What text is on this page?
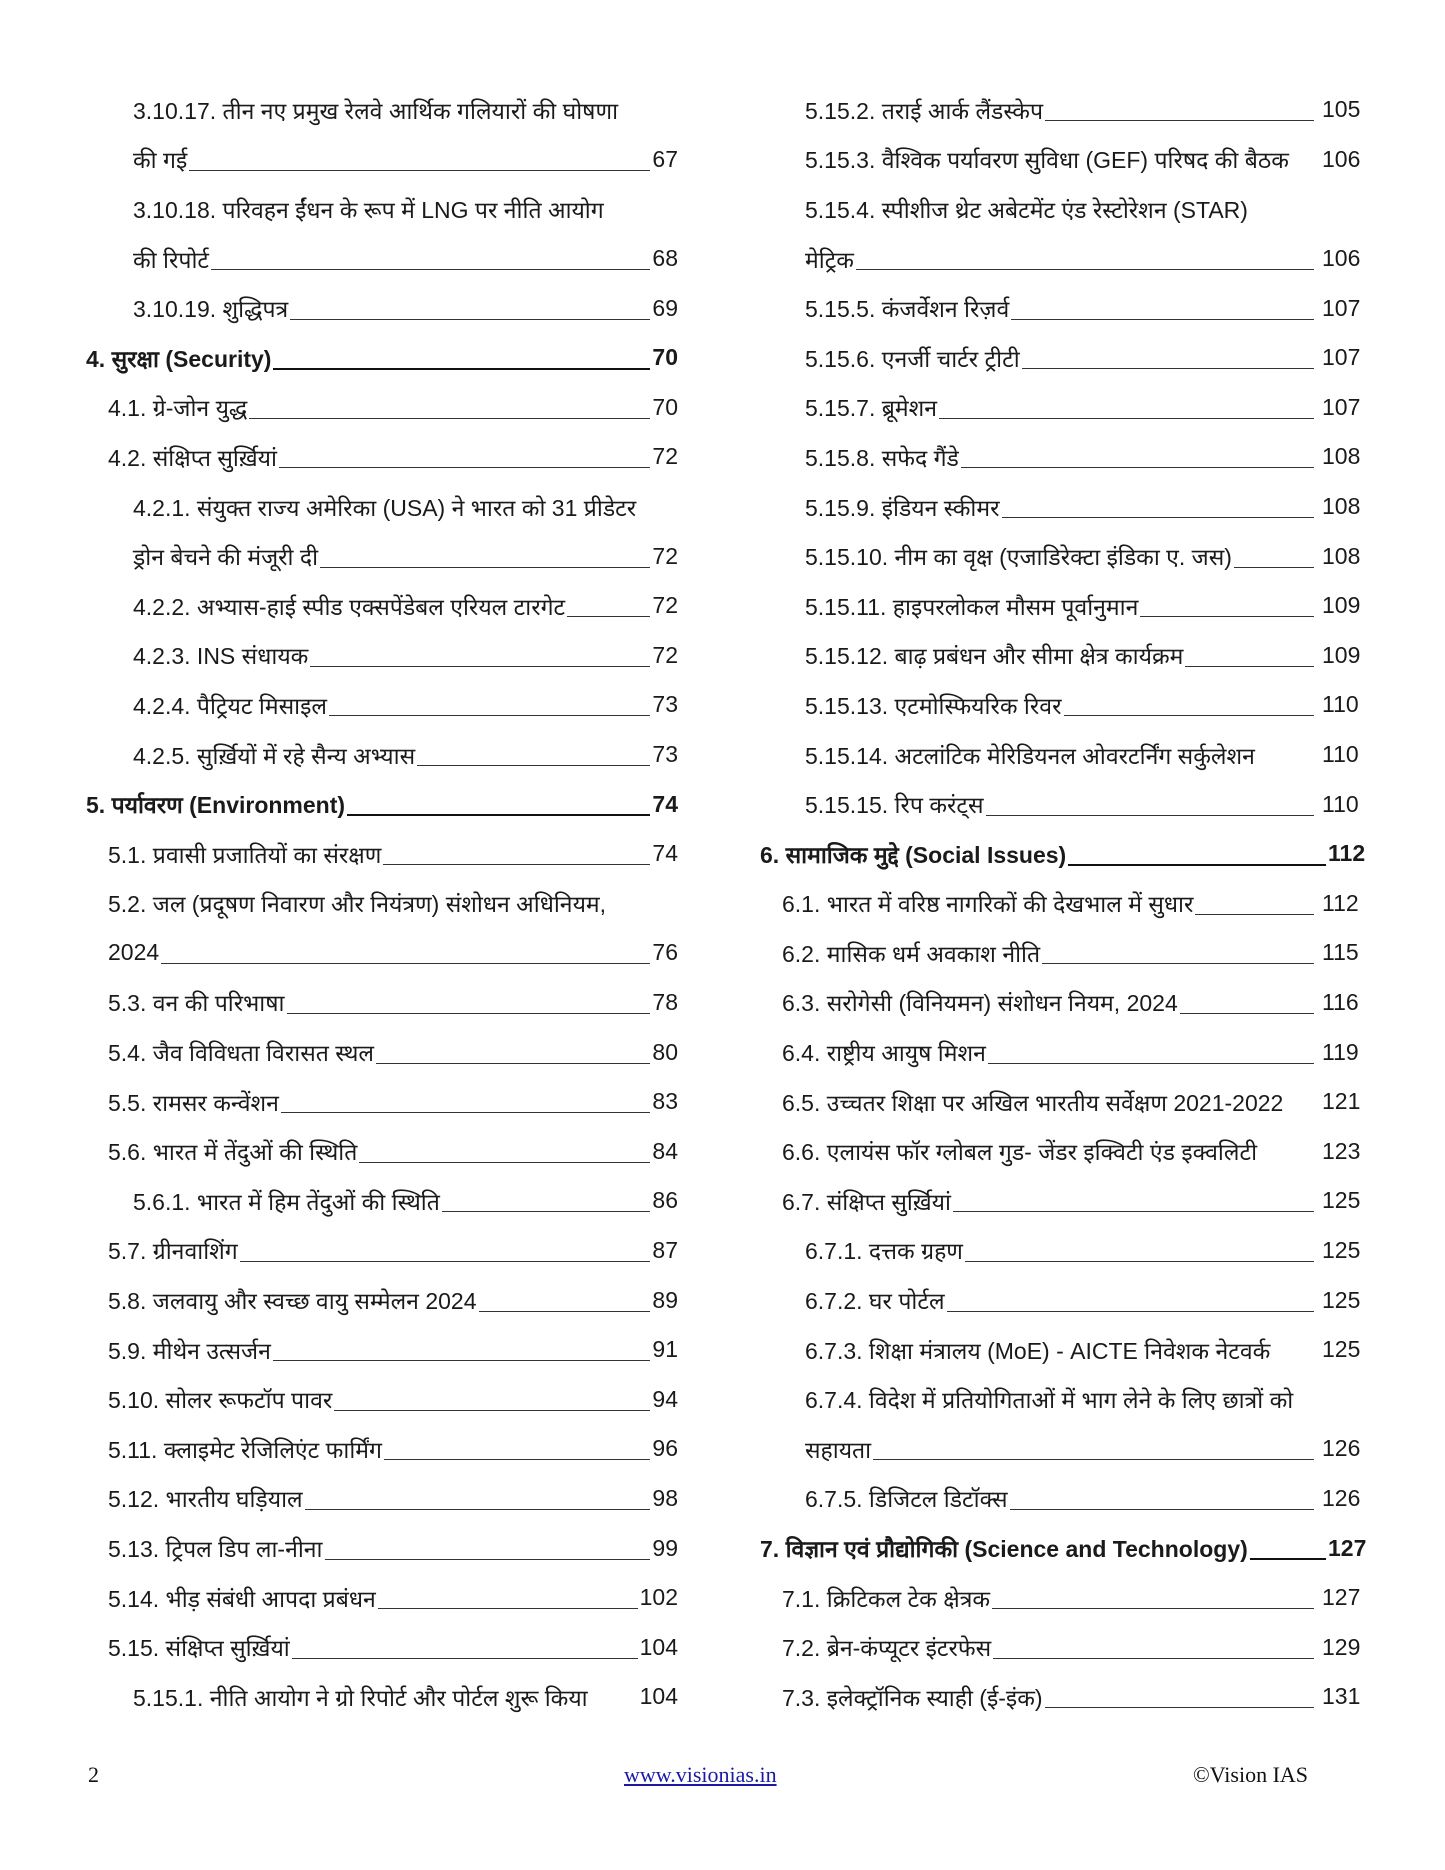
3.10.17. तीन नए प्रमुख रेलवे आर्थिक गलियारों की घोषणा
की गई	67
3.10.18. परिवहन ईंधन के रूप में LNG पर नीति आयोग
की रिपोर्ट	68
3.10.19. शुद्धिपत्र	69
4. सुरक्षा (Security)	70
4.1. ग्रे-जोन युद्ध	70
4.2. संक्षिप्त सुर्ख़ियां	72
4.2.1. संयुक्त राज्य अमेरिका (USA) ने भारत को 31 प्रीडेटर
ड्रोन बेचने की मंजूरी दी	72
4.2.2. अभ्यास-हाई स्पीड एक्सपेंडेबल एरियल टारगेट	72
4.2.3. INS संधायक	72
4.2.4. पैट्रियट मिसाइल	73
4.2.5. सुर्ख़ियों में रहे सैन्य अभ्यास	73
5. पर्यावरण (Environment)	74
5.1. प्रवासी प्रजातियों का संरक्षण	74
5.2. जल (प्रदूषण निवारण और नियंत्रण) संशोधन अधिनियम,
2024	76
5.3. वन की परिभाषा	78
5.4. जैव विविधता विरासत स्थल	80
5.5. रामसर कन्वेंशन	83
5.6. भारत में तेंदुओं की स्थिति	84
5.6.1. भारत में हिम तेंदुओं की स्थिति	86
5.7. ग्रीनवाशिंग	87
5.8. जलवायु और स्वच्छ वायु सम्मेलन 2024	89
5.9. मीथेन उत्सर्जन	91
5.10. सोलर रूफटॉप पावर	94
5.11. क्लाइमेट रेजिलिएंट फार्मिंग	96
5.12. भारतीय घड़ियाल	98
5.13. ट्रिपल डिप ला-नीना	99
5.14. भीड़ संबंधी आपदा प्रबंधन	102
5.15. संक्षिप्त सुर्ख़ियां	104
5.15.1. नीति आयोग ने ग्रो रिपोर्ट और पोर्टल शुरू किया 104
5.15.2. तराई आर्क लैंडस्केप	105
5.15.3. वैश्विक पर्यावरण सुविधा (GEF) परिषद की बैठक 106
5.15.4. स्पीशीज थ्रेट अबेटमेंट एंड रेस्टोरेशन (STAR)
मेट्रिक	106
5.15.5. कंजर्वेशन रिज़र्व	107
5.15.6. एनर्जी चार्टर ट्रीटी	107
5.15.7. ब्रूमेशन	107
5.15.8. सफेद गैंडे	108
5.15.9. इंडियन स्कीमर	108
5.15.10. नीम का वृक्ष (एजाडिरेक्टा इंडिका ए. जस)	108
5.15.11. हाइपरलोकल मौसम पूर्वानुमान	109
5.15.12. बाढ़ प्रबंधन और सीमा क्षेत्र कार्यक्रम	109
5.15.13. एटमोस्फियरिक रिवर	110
5.15.14. अटलांटिक मेरिडियनल ओवरटर्निंग सर्कुलेशन	110
5.15.15. रिप करंट्स	110
6. सामाजिक मुद्दे (Social Issues)	112
6.1. भारत में वरिष्ठ नागरिकों की देखभाल में सुधार	112
6.2. मासिक धर्म अवकाश नीति	115
6.3. सरोगेसी (विनियमन) संशोधन नियम, 2024	116
6.4. राष्ट्रीय आयुष मिशन	119
6.5. उच्चतर शिक्षा पर अखिल भारतीय सर्वेक्षण 2021-2022 121
6.6. एलायंस फॉर ग्लोबल गुड- जेंडर इक्विटी एंड इक्वलिटी	123
6.7. संक्षिप्त सुर्ख़ियां	125
6.7.1. दत्तक ग्रहण	125
6.7.2. घर पोर्टल	125
6.7.3. शिक्षा मंत्रालय (MoE) - AICTE निवेशक नेटवर्क 125
6.7.4. विदेश में प्रतियोगिताओं में भाग लेने के लिए छात्रों को
सहायता	126
6.7.5. डिजिटल डिटॉक्स	126
7. विज्ञान एवं प्रौद्योगिकी (Science and Technology)	127
7.1. क्रिटिकल टेक क्षेत्रक	127
7.2. ब्रेन-कंप्यूटर इंटरफेस	129
7.3. इलेक्ट्रॉनिक स्याही (ई-इंक)	131
2	www.visionias.in	©Vision IAS
